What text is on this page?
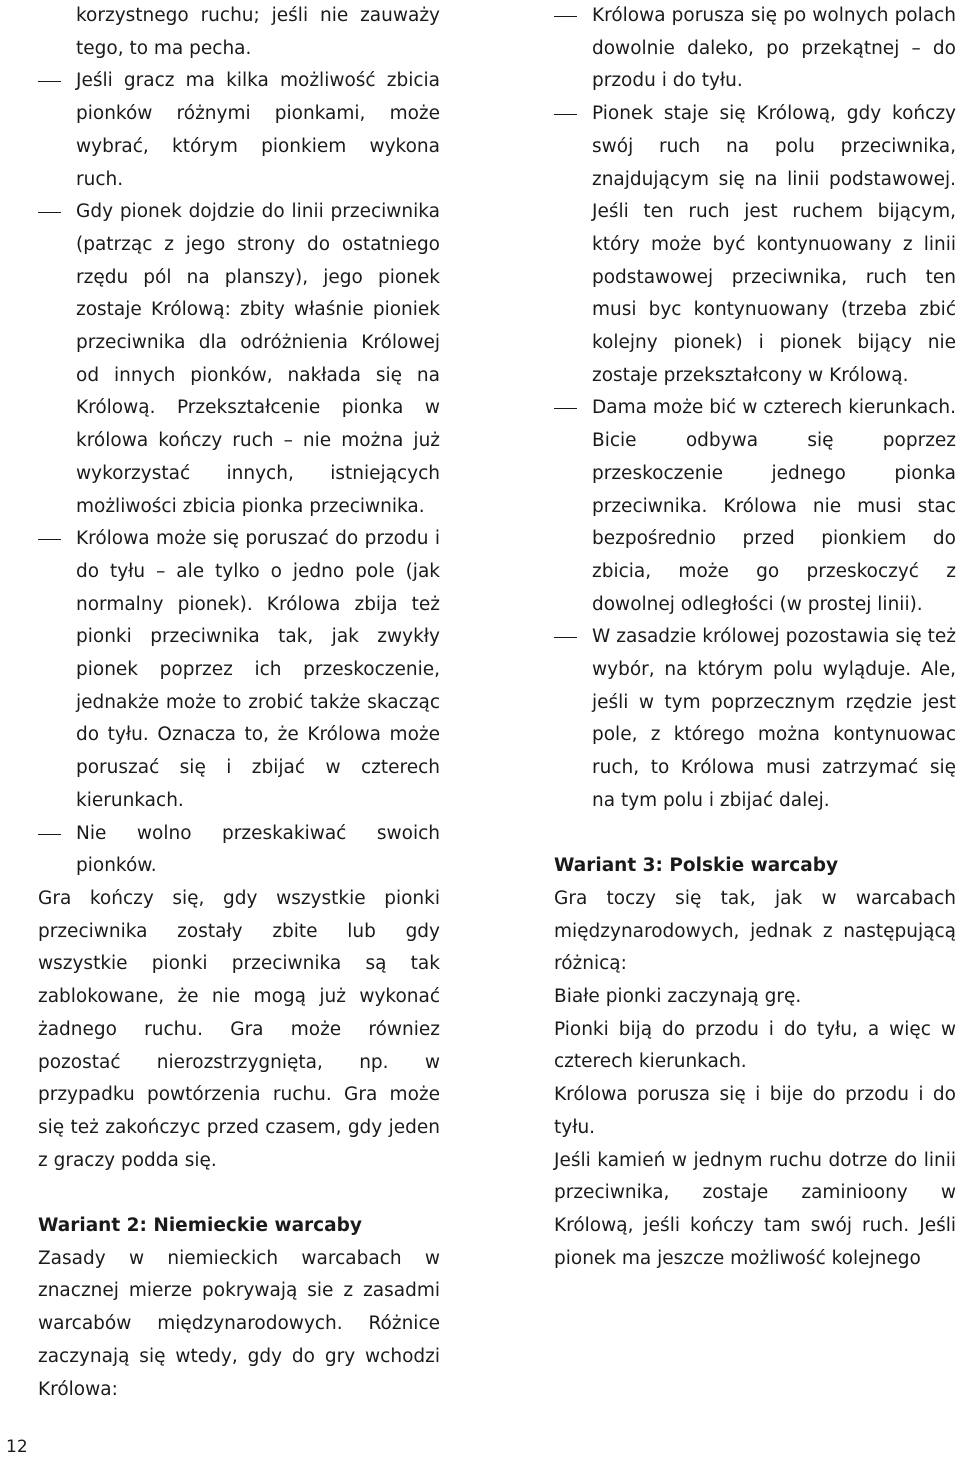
korzystnego ruchu; jeśli nie zauważy tego, to ma pecha.

Jeśli gracz ma kilka możliwość zbicia pionków różnymi pionkami, może wybrać, którym pionkiem wykona ruch.
Gdy pionek dojdzie do linii przeciwnika (patrząc z jego strony do ostatniego rzędu pól na planszy), jego pionek zostaje Królową: zbity właśnie pioniek przeciwnika dla odróżnienia Królowej od innych pionków, nakłada się na Królową. Przekształcenie pionka w królowa kończy ruch – nie można już wykorzystać innych, istniejących możliwości zbicia pionka przeciwnika.
Królowa może się poruszać do przodu i do tyłu – ale tylko o jedno pole (jak normalny pionek). Królowa zbija też pionki przeciwnika tak, jak zwykły pionek poprzez ich przeskoczenie, jednakże może to zrobić także skacząc do tyłu. Oznacza to, że Królowa może poruszać się i zbijać w czterech kierunkach.
Nie wolno przeskakiwać swoich pionków.

Gra kończy się, gdy wszystkie pionki przeciwnika zostały zbite lub gdy wszystkie pionki przeciwnika są tak zablokowane, że nie mogą już wykonać żadnego ruchu. Gra może równiez pozostać nierozstrzygnięta, np. w przypadku powtórzenia ruchu. Gra może się też zakończyc przed czasem, gdy jeden z graczy podda się.

Wariant 2: Niemieckie warcaby

Zasady w niemieckich warcabach w znacznej mierze pokrywają sie z zasadmi warcabów międzynarodowych. Różnice zaczynają się wtedy, gdy do gry wchodzi Królowa:

Królowa porusza się po wolnych polach dowolnie daleko, po przekątnej – do przodu i do tyłu.
Pionek staje się Królową, gdy kończy swój ruch na polu przeciwnika, znajdującym się na linii podstawowej. Jeśli ten ruch jest ruchem bijącym, który może być kontynuowany z linii podstawowej przeciwnika, ruch ten musi byc kontynuowany (trzeba zbić kolejny pionek) i pionek bijący nie zostaje przekształcony w Królową.
Dama może bić w czterech kierunkach. Bicie odbywa się poprzez przeskoczenie jednego pionka przeciwnika. Królowa nie musi stac bezpośrednio przed pionkiem do zbicia, może go przeskoczyć z dowolnej odległości (w prostej linii).
W zasadzie królowej pozostawia się też wybór, na którym polu wyląduje. Ale, jeśli w tym poprzecznym rzędzie jest pole, z którego można kontynuowac ruch, to Królowa musi zatrzymać się na tym polu i zbijać dalej.
Wariant 3: Polskie warcaby

Gra toczy się tak, jak w warcabach międzynarodowych, jednak z następującą różnicą:

Białe pionki zaczynają grę.

Pionki biją do przodu i do tyłu, a więc w czterech kierunkach.

Królowa porusza się i bije do przodu i do tyłu.

Jeśli kamień w jednym ruchu dotrze do linii przeciwnika, zostaje zaminioony w Królową, jeśli kończy tam swój ruch. Jeśli pionek ma jeszcze możliwość kolejnego

12
